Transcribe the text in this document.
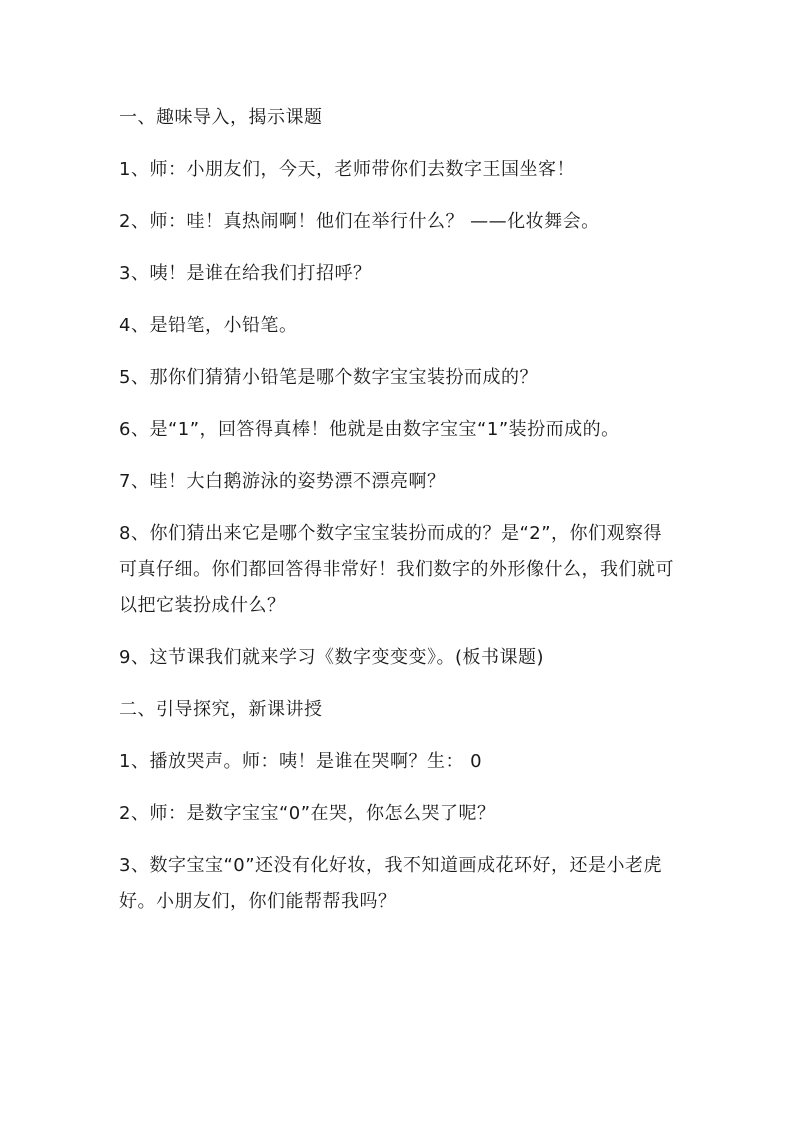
一、趣味导入，揭示课题

1、师：小朋友们，今天，老师带你们去数字王国坐客！

2、师：哇！真热闹啊！他们在举行什么？ ——化妆舞会。

3、咦！是谁在给我们打招呼？

4、是铅笔，小铅笔。

5、那你们猜猜小铅笔是哪个数字宝宝装扮而成的？

6、是“1”，回答得真棒！他就是由数字宝宝“1”装扮而成的。

7、哇！大白鹅游泳的姿势漂不漂亮啊？

8、你们猜出来它是哪个数字宝宝装扮而成的？是“2”，你们观察得可真仔细。你们都回答得非常好！我们数字的外形像什么，我们就可以把它装扮成什么？

9、这节课我们就来学习《数字变变变》。(板书课题)

二、引导探究，新课讲授

1、播放哭声。师：咦！是谁在哭啊？生： 0

2、师：是数字宝宝“0”在哭，你怎么哭了呢？

3、数字宝宝“0”还没有化好妆，我不知道画成花环好，还是小老虎好。小朋友们，你们能帮帮我吗？
